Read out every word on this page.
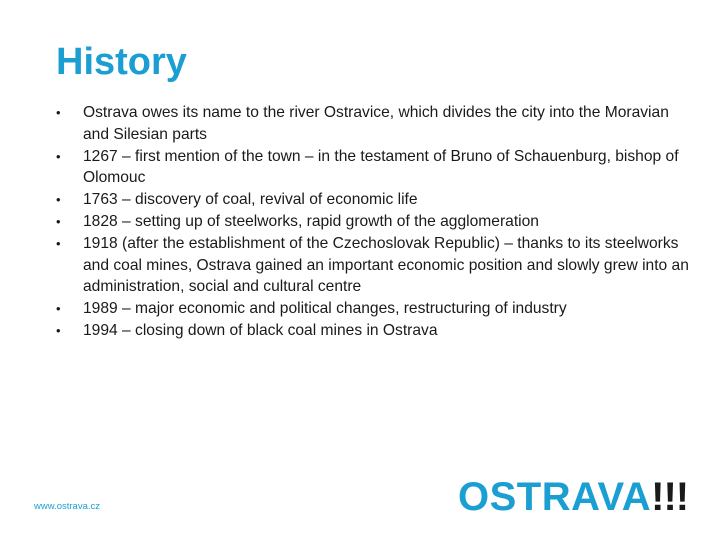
History
•	Ostrava owes its name to the river Ostravice, which divides the city into the Moravian and Silesian parts
•	1267 – first mention of the town – in the testament of Bruno of Schauenburg, bishop of Olomouc
•	1763 – discovery of coal, revival of economic life
•	1828 – setting up of steelworks, rapid growth of the agglomeration
•	1918 (after the establishment of the Czechoslovak Republic) – thanks to its steelworks and coal mines, Ostrava gained an important economic position and slowly grew into an administration, social and cultural centre
•	1989 – major economic and political changes, restructuring of industry
•	1994 – closing down of black coal mines in Ostrava
www.ostrava.cz	OSTRAVA !!!
